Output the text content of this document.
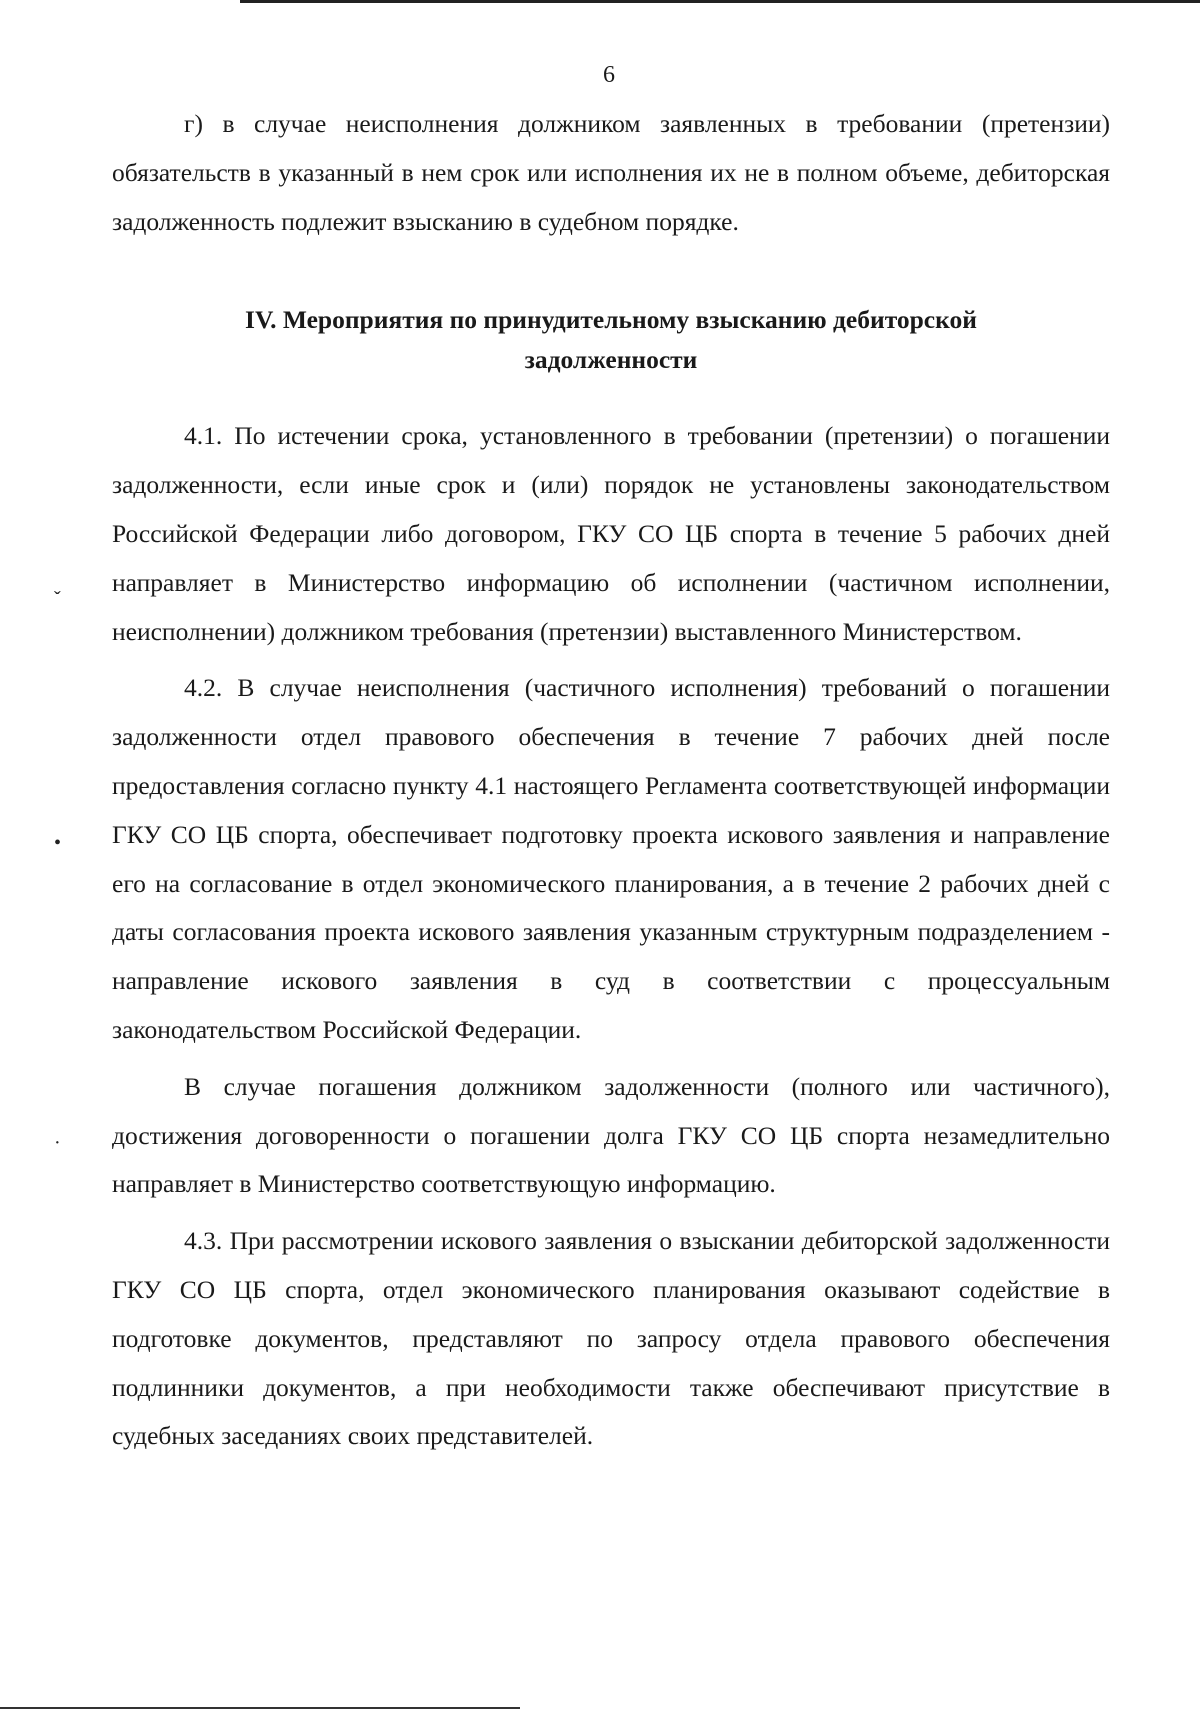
ˇ
•
·
6

г) в случае неисполнения должником заявленных в требовании (претензии) обязательств в указанный в нем срок или исполнения их не в полном объеме, дебиторская задолженность подлежит взысканию в судебном порядке.

IV. Мероприятия по принудительному взысканию дебиторской задолженности

4.1. По истечении срока, установленного в требовании (претензии) о погашении задолженности, если иные срок и (или) порядок не установлены законодательством Российской Федерации либо договором, ГКУ СО ЦБ спорта в течение 5 рабочих дней направляет в Министерство информацию об исполнении (частичном исполнении, неисполнении) должником требования (претензии) выставленного Министерством.

4.2. В случае неисполнения (частичного исполнения) требований о погашении задолженности отдел правового обеспечения в течение 7 рабочих дней после предоставления согласно пункту 4.1 настоящего Регламента соответствующей информации ГКУ СО ЦБ спорта, обеспечивает подготовку проекта искового заявления и направление его на согласование в отдел экономического планирования, а в течение 2 рабочих дней с даты согласования проекта искового заявления указанным структурным подразделением - направление искового заявления в суд в соответствии с процессуальным законодательством Российской Федерации.

В случае погашения должником задолженности (полного или частичного), достижения договоренности о погашении долга ГКУ СО ЦБ спорта незамедлительно направляет в Министерство соответствующую информацию.

4.3. При рассмотрении искового заявления о взыскании дебиторской задолженности ГКУ СО ЦБ спорта, отдел экономического планирования оказывают содействие в подготовке документов, представляют по запросу отдела правового обеспечения подлинники документов, а при необходимости также обеспечивают присутствие в судебных заседаниях своих представителей.
